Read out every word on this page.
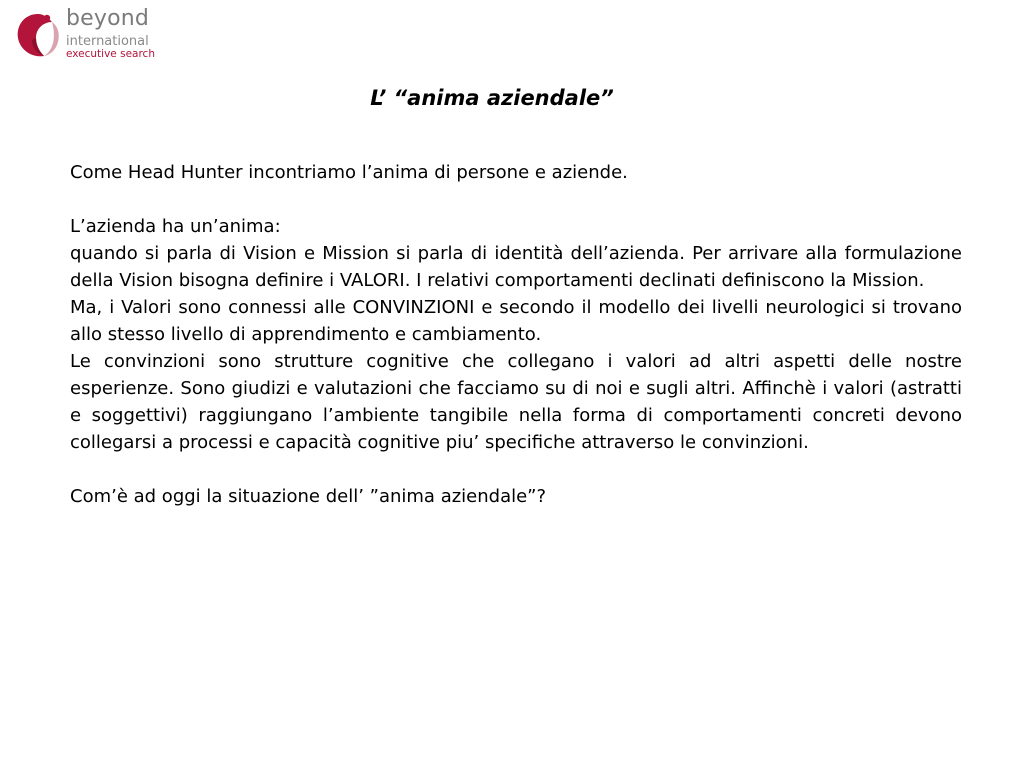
beyond
international
executive search
L’ “anima aziendale”

Come Head Hunter incontriamo l’anima di persone e aziende.

L’azienda ha un’anima:

quando si parla di Vision e Mission si parla di identità dell’azienda. Per arrivare alla formulazione della Vision bisogna definire i VALORI. I relativi comportamenti declinati definiscono la Mission.

Ma, i Valori sono connessi alle CONVINZIONI e secondo il modello dei livelli neurologici si trovano allo stesso livello di apprendimento e cambiamento.

Le convinzioni sono strutture cognitive che collegano i valori ad altri aspetti delle nostre esperienze. Sono giudizi e valutazioni che facciamo su di noi e sugli altri. Affinchè i valori (astratti e soggettivi) raggiungano l’ambiente tangibile nella forma di comportamenti concreti devono collegarsi a processi e capacità cognitive piu’ specifiche attraverso le convinzioni.

Com’è ad oggi la situazione dell’ ”anima aziendale”?
